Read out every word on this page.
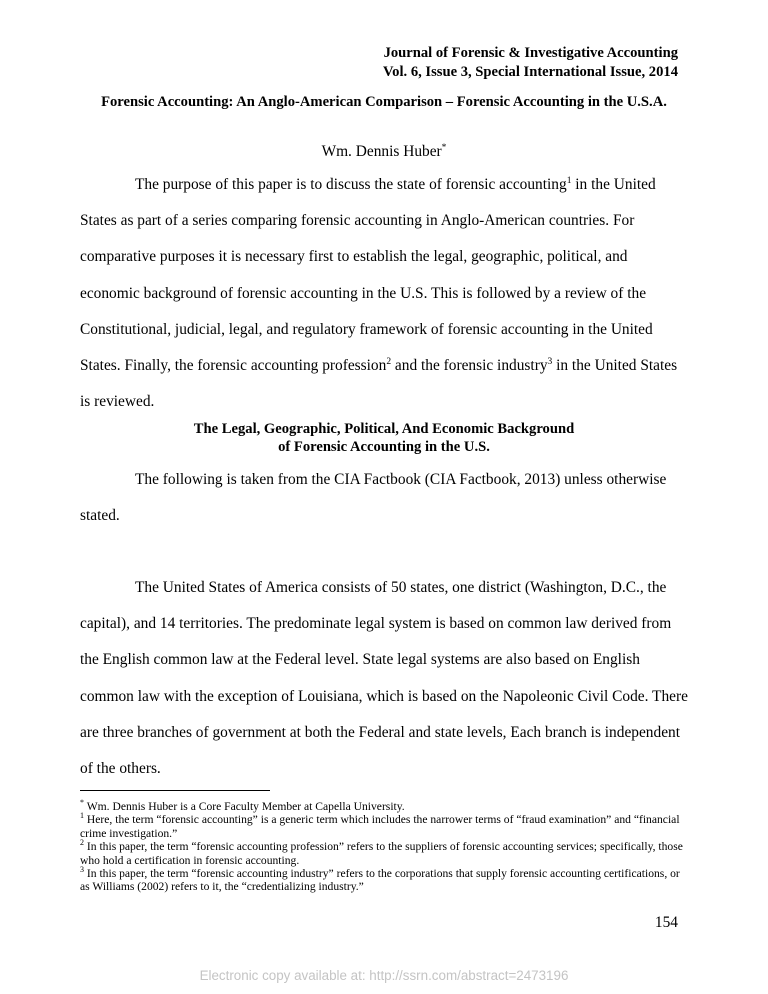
Journal of Forensic & Investigative Accounting
Vol. 6, Issue 3, Special International Issue, 2014
Forensic Accounting: An Anglo-American Comparison – Forensic Accounting in the U.S.A.
Wm. Dennis Huber*
The purpose of this paper is to discuss the state of forensic accounting$^1$ in the United States as part of a series comparing forensic accounting in Anglo-American countries. For comparative purposes it is necessary first to establish the legal, geographic, political, and economic background of forensic accounting in the U.S. This is followed by a review of the Constitutional, judicial, legal, and regulatory framework of forensic accounting in the United States. Finally, the forensic accounting profession$^2$ and the forensic industry$^3$ in the United States is reviewed.
The Legal, Geographic, Political, And Economic Background
of Forensic Accounting in the U.S.
The following is taken from the CIA Factbook (CIA Factbook, 2013) unless otherwise stated.
The United States of America consists of 50 states, one district (Washington, D.C., the capital), and 14 territories. The predominate legal system is based on common law derived from the English common law at the Federal level. State legal systems are also based on English common law with the exception of Louisiana, which is based on the Napoleonic Civil Code. There are three branches of government at both the Federal and state levels, Each branch is independent of the others.

* Wm. Dennis Huber is a Core Faculty Member at Capella University.

$^1$ Here, the term “forensic accounting” is a generic term which includes the narrower terms of “fraud examination” and “financial crime investigation.”

$^2$ In this paper, the term “forensic accounting profession” refers to the suppliers of forensic accounting services; specifically, those who hold a certification in forensic accounting.

$^3$ In this paper, the term “forensic accounting industry” refers to the corporations that supply forensic accounting certifications, or as Williams (2002) refers to it, the “credentializing industry.”

154
Electronic copy available at: http://ssrn.com/abstract=2473196
